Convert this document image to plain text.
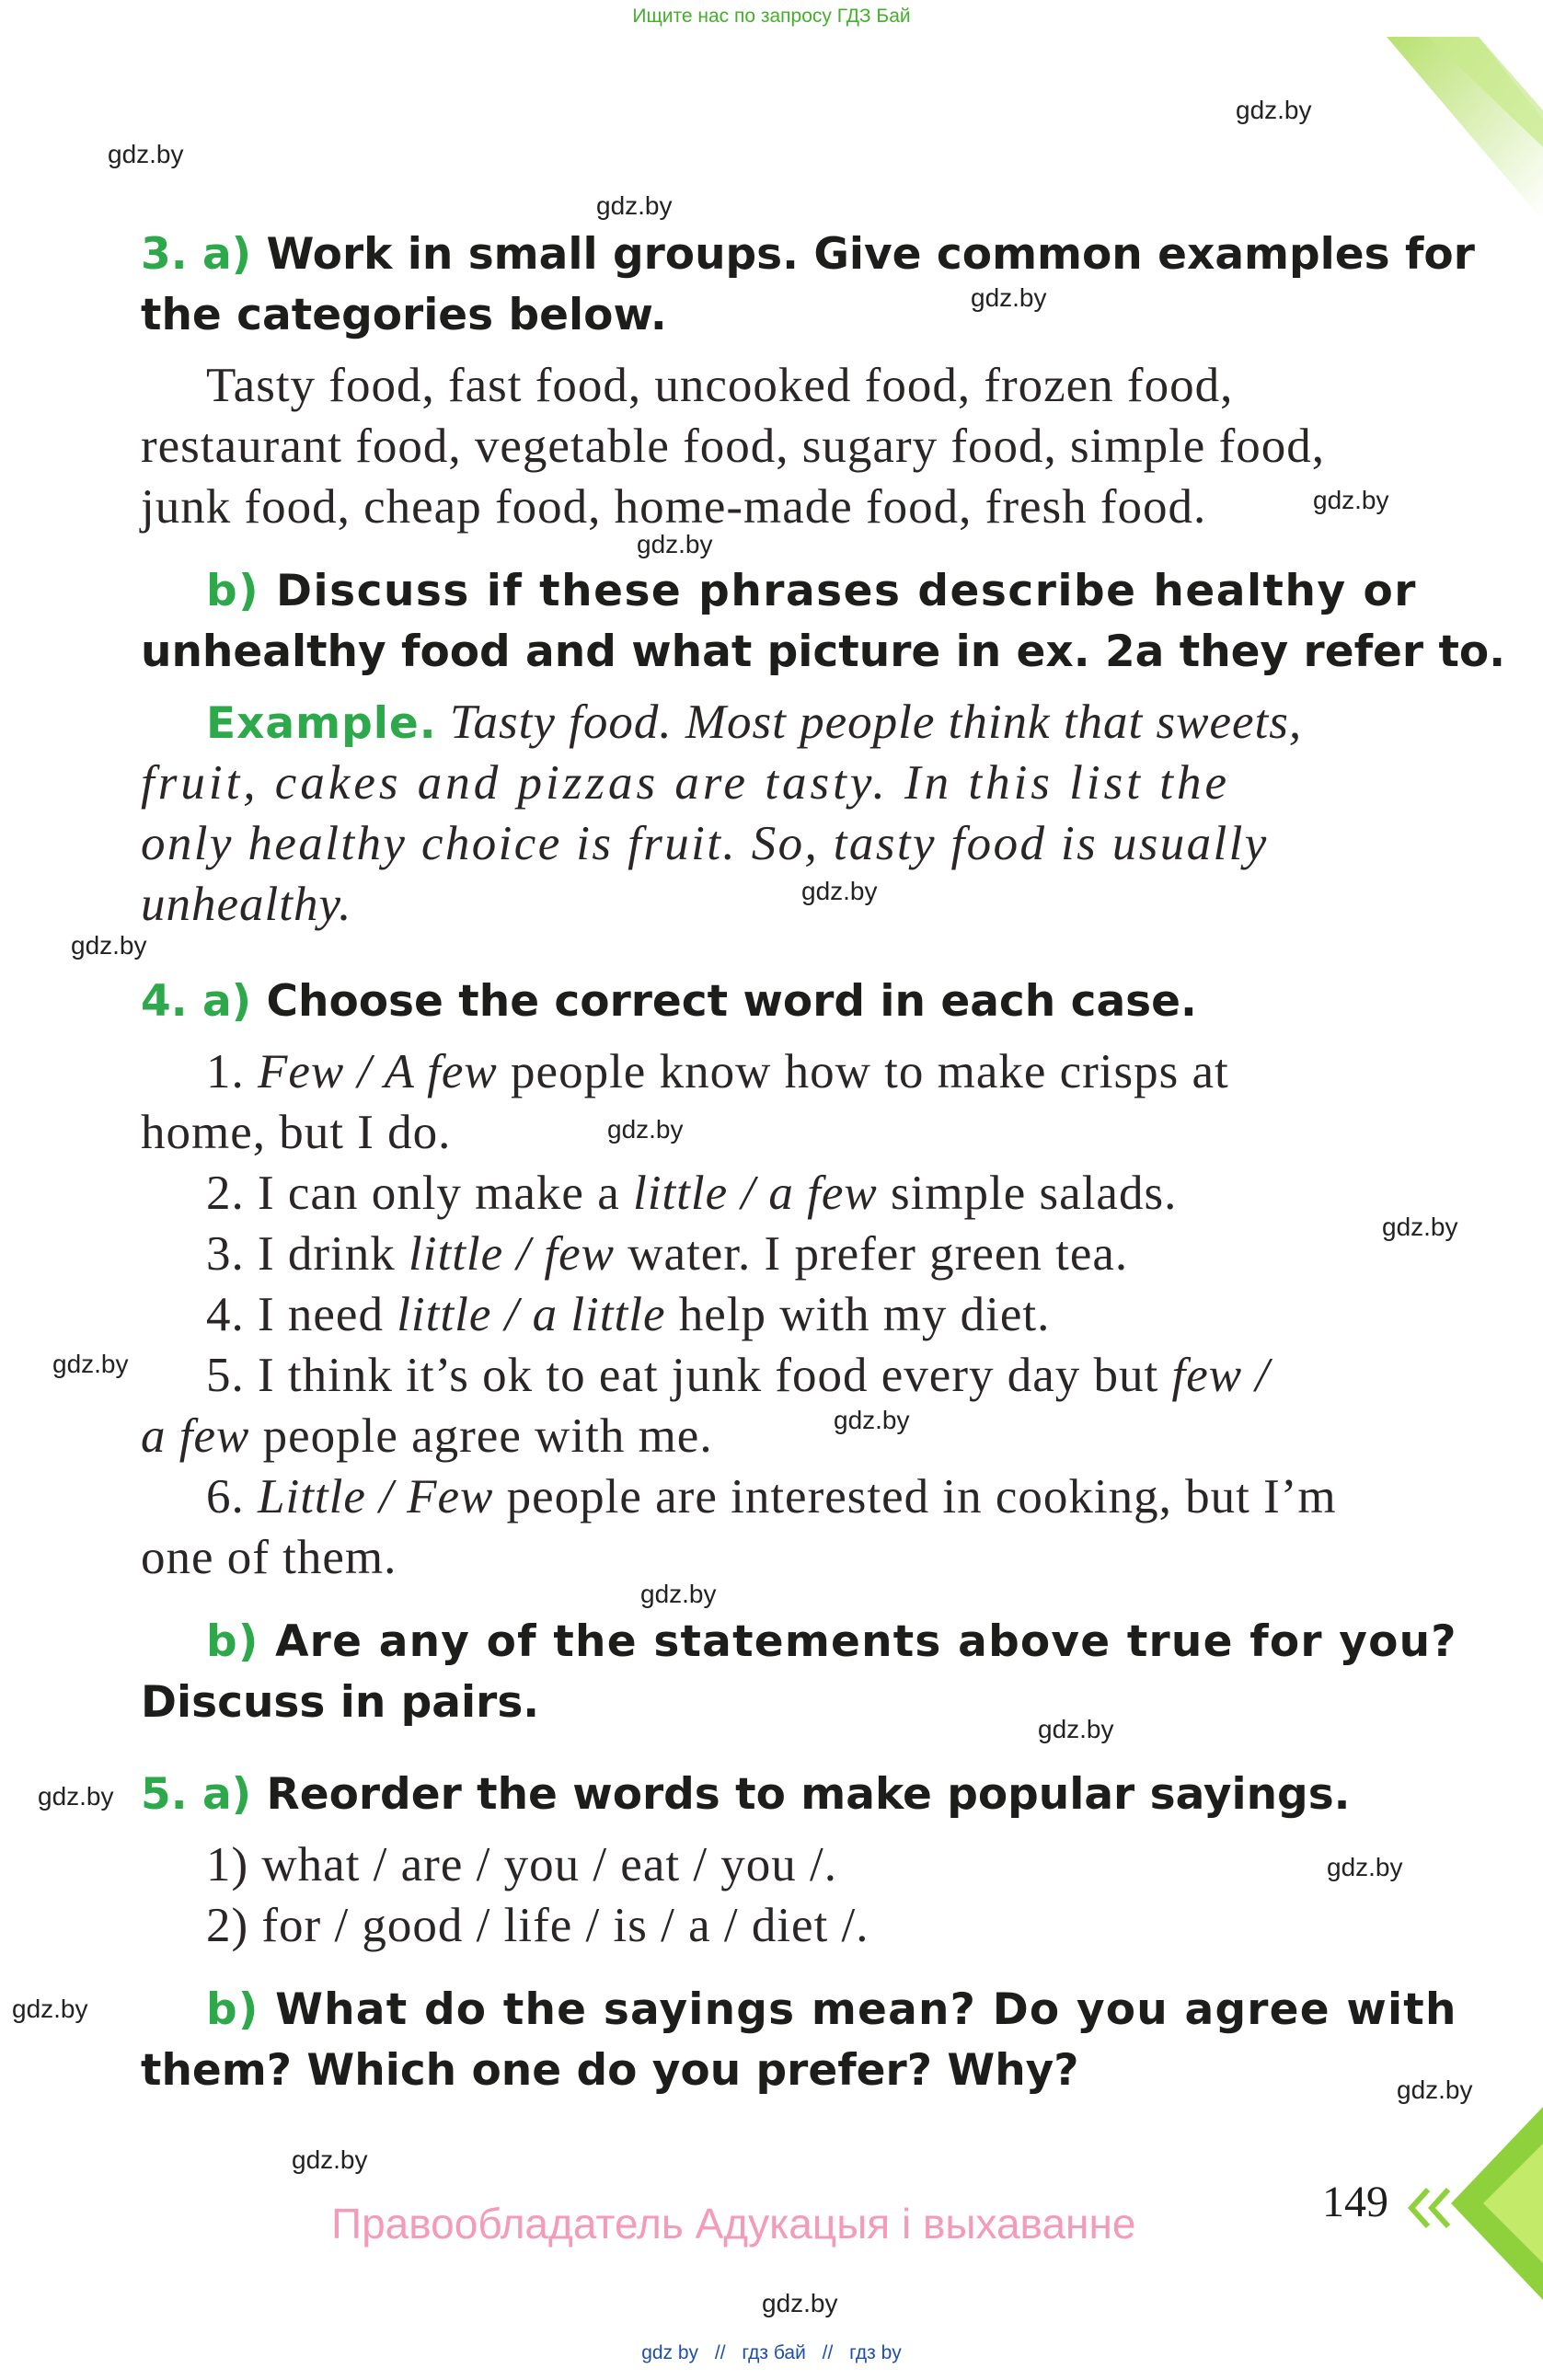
Ищите нас по запросу ГДЗ Бай
gdz.by
gdz.by
gdz.by
gdz.by
gdz.by
gdz.by
gdz.by
gdz.by
gdz.by
gdz.by
gdz.by
gdz.by
gdz.by
gdz.by
gdz.by
gdz.by
gdz.by
gdz.by
gdz.by
gdz.by
3. a) Work in small groups. Give common examples for
the categories below.
Tasty food, fast food, uncooked food, frozen food,
restaurant food, vegetable food, sugary food, simple food,
junk food, cheap food, home-made food, fresh food.
b) Discuss if these phrases describe healthy or
unhealthy food and what picture in ex. 2a they refer to.
Example. Tasty food. Most people think that sweets,
fruit, cakes and pizzas are tasty. In this list the
only healthy choice is fruit. So, tasty food is usually
unhealthy.
4. a) Choose the correct word in each case.
1. Few / A few people know how to make crisps at
home, but I do.
2. I can only make a little / a few simple salads.
3. I drink little / few water. I prefer green tea.
4. I need little / a little help with my diet.
5. I think it’s ok to eat junk food every day but few /
a few people agree with me.
6. Little / Few people are interested in cooking, but I’m
one of them.
b) Are any of the statements above true for you?
Discuss in pairs.
5. a) Reorder the words to make popular sayings.
1) what / are / you / eat / you /.
2) for / good / life / is / a / diet /.
b) What do the sayings mean? Do you agree with
them? Which one do you prefer? Why?
149
Правообладатель Адукацыя і выхаванне
gdz by // гдз бай // гдз by
